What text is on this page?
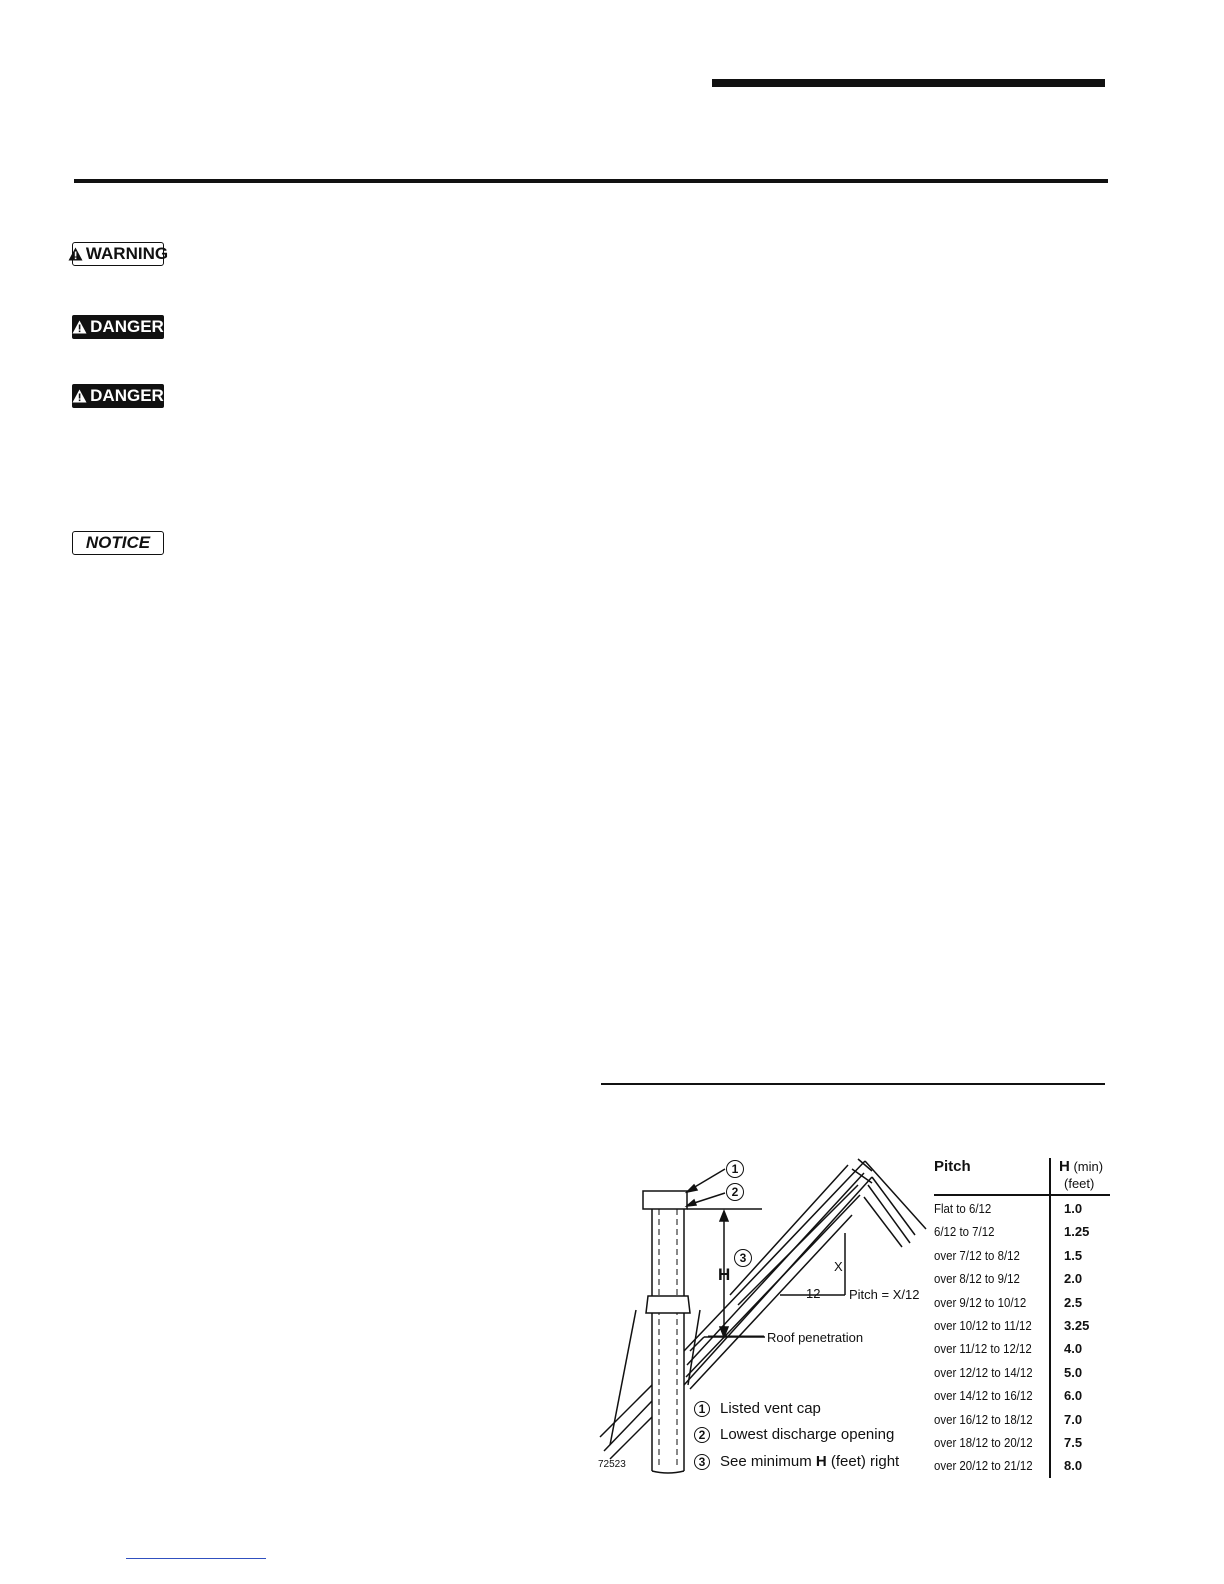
WARNING
DANGER
DANGER
NOTICE
H	X
12 Pitch = X/12
Roof penetration
72523
1
2
3
1 Listed vent cap
2 Lowest discharge opening
3 See minimum H (feet) right
Pitch	H (min)
(feet)
Flat to 6/12	1.0
6/12 to 7/12	1.25
over 7/12 to 8/12	1.5
over 8/12 to 9/12	2.0
over 9/12 to 10/12	2.5
over 10/12 to 11/12 3.25
over 11/12 to 12/12 4.0
over 12/12 to 14/12 5.0
over 14/12 to 16/12 6.0
over 16/12 to 18/12 7.0
over 18/12 to 20/12 7.5
over 20/12 to 21/12 8.0
